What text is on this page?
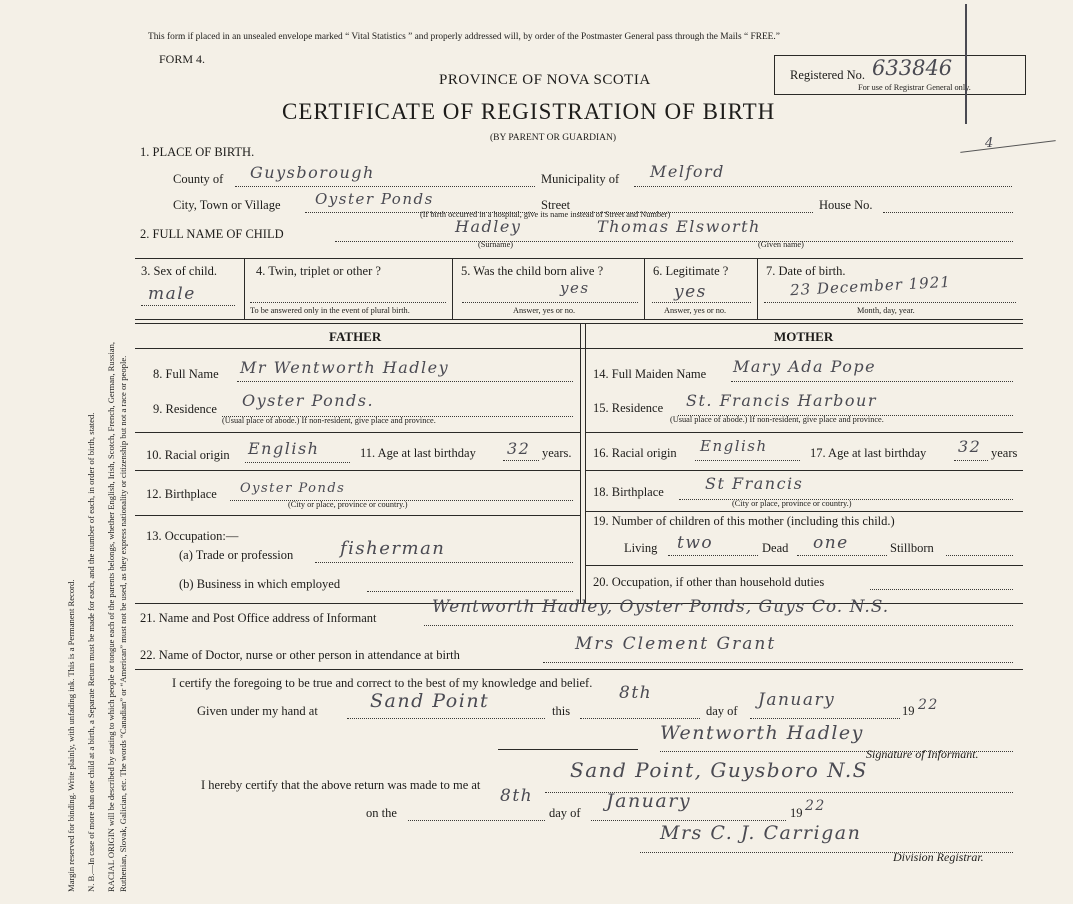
Margin reserved for binding. Write plainly, with unfading ink. This is a Permanent Record. N. B.—In case of more than one child at a birth, a Separate Return must be made for each, and the number of each, in order of birth, stated. RACIAL ORIGIN will be described by stating to which people or tongue each of the parents belongs, whether English, Irish, Scotch, French, German, Russian, Ruthenian, Slovak, Galician, etc. The words “Canadian” or “American” must not be used, as they express nationality or citizenship but not a race or people.
This form if placed in an unsealed envelope marked “ Vital Statistics ” and properly addressed will, by order of the Postmaster General pass through the Mails “ FREE.”
FORM 4.
PROVINCE OF NOVA SCOTIA
CERTIFICATE OF REGISTRATION OF BIRTH
(BY PARENT OR GUARDIAN)
Registered No. 633846
For use of Registrar General only.
4
1. PLACE OF BIRTH.
County of Guysborough	Municipality of Melford
City, Town or Village Oyster Ponds	Street	House No.
(If birth occurred in a hospital, give its name instead of Street and Number)
2. FULL NAME OF CHILD	Hadley	Thomas Elsworth
(Surname)	(Given name)
3. Sex of child.
male
4. Twin, triplet or other ?
To be answered only in the event of plural birth.
5. Was the child born alive ?
yes
Answer, yes or no.
6. Legitimate ?
yes
Answer, yes or no.
7. Date of birth.
23 December 1921
Month, day, year.
FATHER	MOTHER
8. Full Name Mr Wentworth Hadley
9. Residence Oyster Ponds.
(Usual place of abode.) If non-resident, give place and province.
10. Racial origin English	11. Age at last birthday 32 years.
12. Birthplace Oyster Ponds
(City or place, province or country.)
13. Occupation:—
(a) Trade or profession	fisherman
(b) Business in which employed
14. Full Maiden Name Mary Ada Pope
15. Residence St. Francis Harbour
(Usual place of abode.) If non-resident, give place and province.
16. Racial origin English	17. Age at last birthday 32 years
18. Birthplace	St Francis
(City or place, province or country.)
19. Number of children of this mother (including this child.)
Living two	Dead one	Stillborn
20. Occupation, if other than household duties
21. Name and Post Office address of Informant
Wentworth Hadley, Oyster Ponds, Guys Co. N.S.
22. Name of Doctor, nurse or other person in attendance at birth
Mrs Clement Grant
I certify the foregoing to be true and correct to the best of my knowledge and belief.
Given under my hand at	Sand Point	this
8th
day of
January
19 22
Wentworth Hadley
Signature of Informant.
I hereby certify that the above return was made to me at
Sand Point, Guysboro N.S
on the
8th
day of
January
19 22
Mrs C. J. Carrigan
Division Registrar.
